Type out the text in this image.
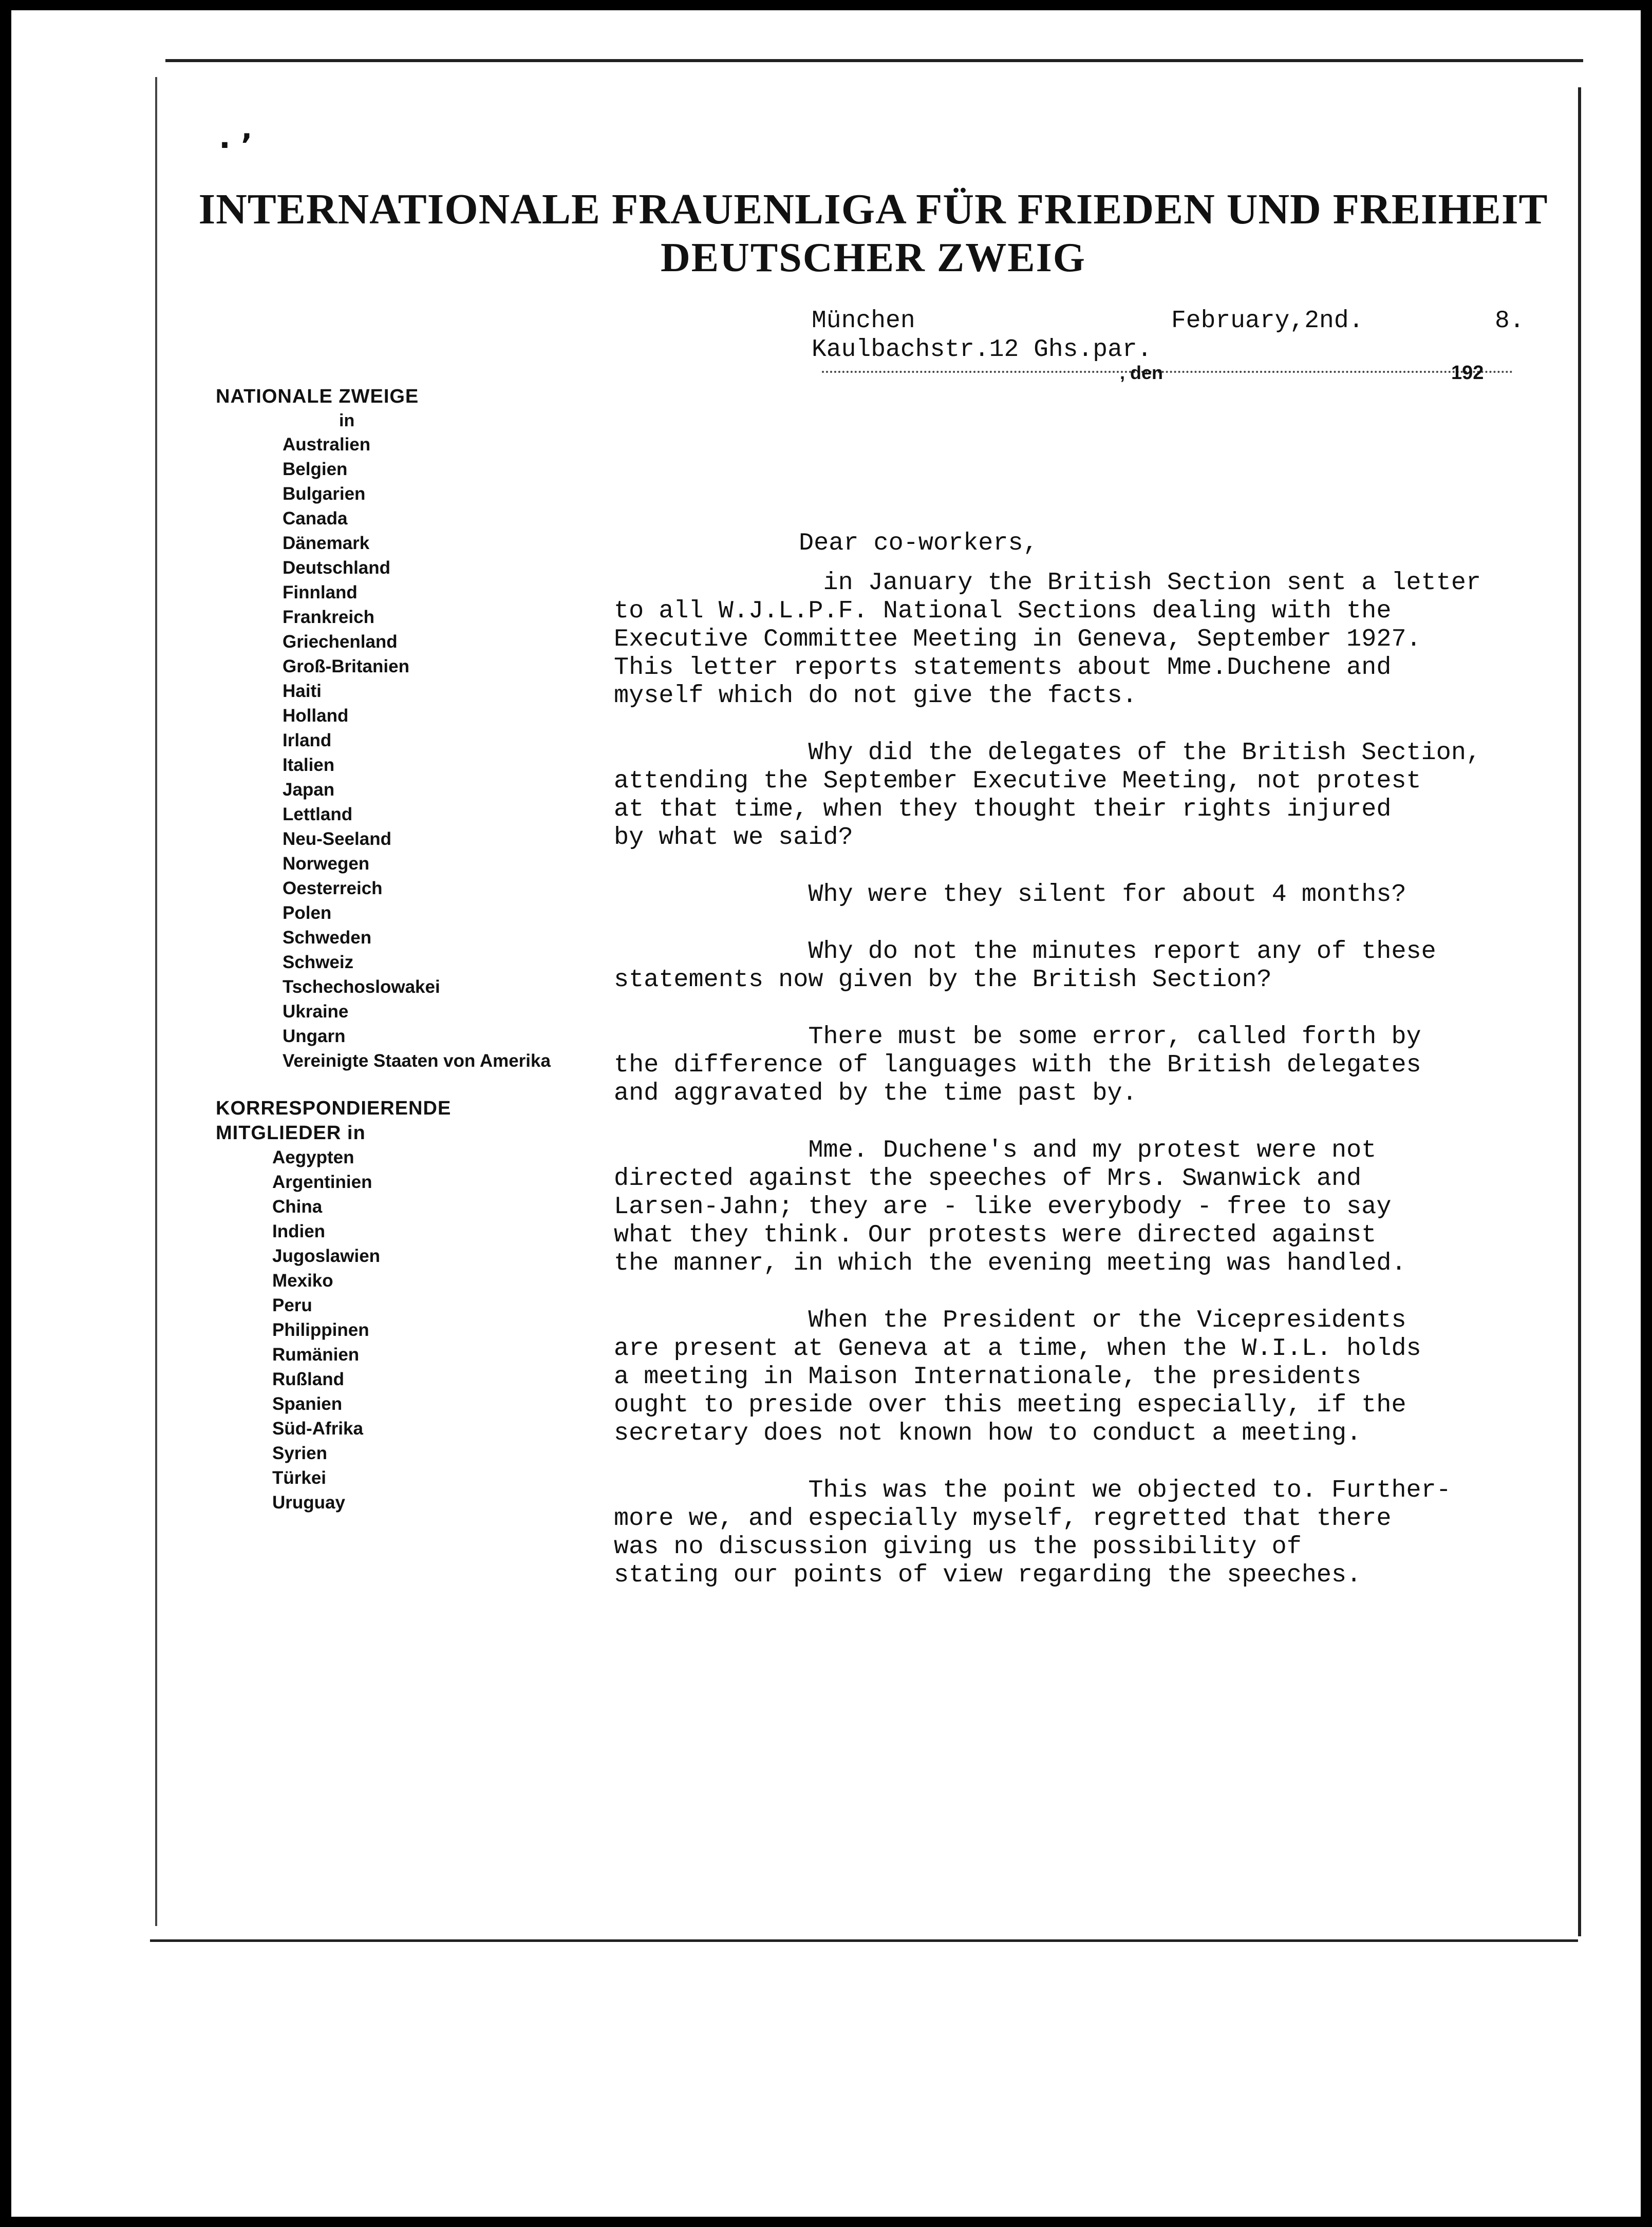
‧ ’
INTERNATIONALE FRAUENLIGA FÜR FRIEDEN UND FREIHEIT
DEUTSCHER ZWEIG
NATIONALE ZWEIGE
in
Australien
Belgien
Bulgarien
Canada
Dänemark
Deutschland
Finnland
Frankreich
Griechenland
Groß-Britanien
Haiti
Holland
Irland
Italien
Japan
Lettland
Neu-Seeland
Norwegen
Oesterreich
Polen
Schweden
Schweiz
Tschechoslowakei
Ukraine
Ungarn
Vereinigte Staaten von Amerika
KORRESPONDIERENDE
MITGLIEDER in
Aegypten
Argentinien
China
Indien
Jugoslawien
Mexiko
Peru
Philippinen
Rumänien
Rußland
Spanien
Süd-Afrika
Syrien
Türkei
Uruguay
München	February,2nd.	8.
Kaulbachstr.12 Ghs.par.
, den	192

Dear co-workers,

in January the British Section sent a letter
to all W.J.L.P.F. National Sections dealing with the
Executive Committee Meeting in Geneva, September 1927.
This letter reports statements about Mme.Duchene and
myself which do not give the facts.

Why did the delegates of the British Section,
attending the September Executive Meeting, not protest
at that time, when they thought their rights injured
by what we said?

Why were they silent for about 4 months?

Why do not the minutes report any of these
statements now given by the British Section?

There must be some error, called forth by
the difference of languages with the British delegates
and aggravated by the time past by.

Mme. Duchene's and my protest were not
directed against the speeches of Mrs. Swanwick and
Larsen-Jahn; they are - like everybody - free to say
what they think. Our protests were directed against
the manner, in which the evening meeting was handled.

When the President or the Vicepresidents
are present at Geneva at a time, when the W.I.L. holds
a meeting in Maison Internationale, the presidents
ought to preside over this meeting especially, if the
secretary does not known how to conduct a meeting.

This was the point we objected to. Further-
more we, and especially myself, regretted that there
was no discussion giving us the possibility of
stating our points of view regarding the speeches.
